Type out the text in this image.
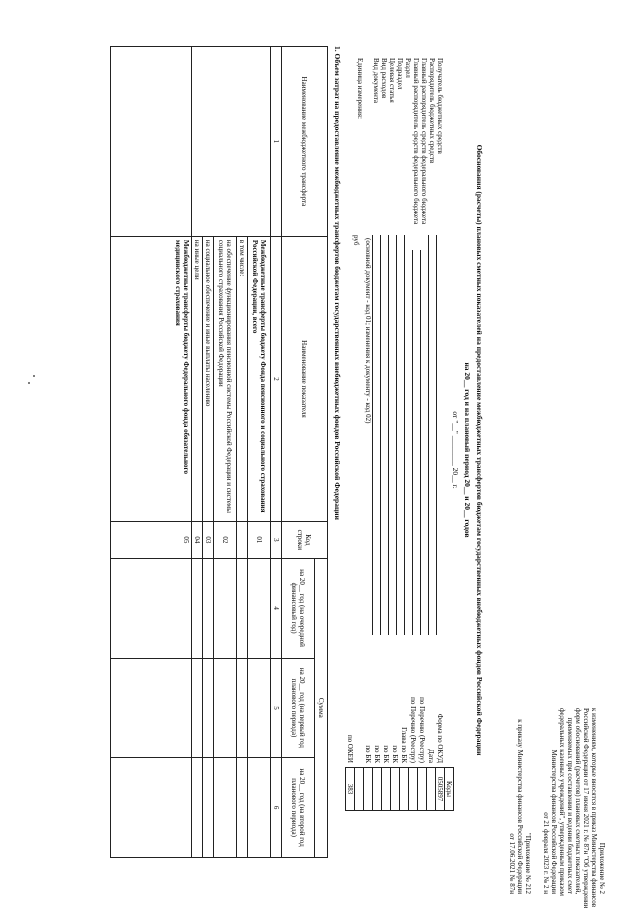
Приложение № 2
к изменениям, которые вносятся в приказ Министерства финансов
Российской Федерации от 17 июня 2021 г. № 87н "Об утверждении
форм обоснований (расчетов) плановых сметных показателей,
применяемых при составлении и ведении бюджетных смет
федеральных казенных учреждений", утвержденным приказом
Министерства финансов Российской Федерации
от 21 февраля 2023 г. № 2 н
"Приложение № 212
к приказу Министерства финансов Российской Федерации
от 17.06.2021 № 87н
Обоснования (расчеты) плановых сметных показателей на предоставление межбюджетных трансфертов бюджетам государственных внебюджетных фондов Российской Федерации
на 20__ год и на плановый период 20__ и 20__ годов
от "__" ________ 20__ г.
	Коды
Форма по ОКУД	0505897
Дата	
по Перечню (Реестру)	
по Перечню (Реестру)	
Глава по БК	
по БК	
по БК	
по БК	
по БК	

по ОКЕИ	383
Получатель бюджетных средств
Распорядитель бюджетных средств
Главный распорядитель средств федерального бюджета
Главный распорядитель средств федерального бюджета
Раздел
Подраздел
Целевая статья
Вид расходов
Вид документа
Единица измерения:
(основной документ - код 01; изменения к документу - код 02)
руб
1. Объем затрат на предоставление межбюджетных трансфертов бюджетам государственных внебюджетных фондов Российской Федерации
Наименование межбюджетного трансферта	Наименование показателя	Код строки	Сумма		
			на 20__ год (на очередной финансовый год)	на 20__ год (на первый год планового периода)	на 20__ год (на второй год планового периода)
1	2	3	4	5	6
	Межбюджетные трансферты бюджету Фонда пенсионного и социального страхования Российской Федерации, всего	01			
	в том числе:				
	на обеспечение функционирования пенсионной системы Российской Федерации и системы социального страхования Российской Федерации	02			
	на социальное обеспечение и иные выплаты населению	03			
	на иные цели	04			
	Межбюджетные трансферты бюджету Федерального фонда обязательного медицинского страхования	05			
